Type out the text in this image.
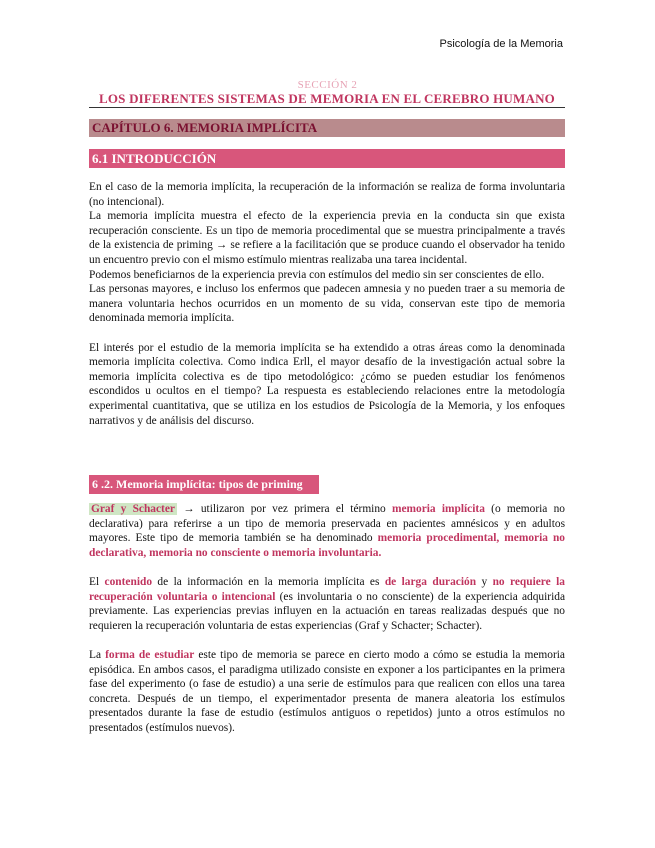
Psicología de la Memoria
SECCIÓN 2
LOS DIFERENTES SISTEMAS DE MEMORIA EN EL CEREBRO HUMANO
CAPÍTULO 6. MEMORIA IMPLÍCITA
6.1 INTRODUCCIÓN

En el caso de la memoria implícita, la recuperación de la información se realiza de forma involuntaria (no intencional).

La memoria implícita muestra el efecto de la experiencia previa en la conducta sin que exista recuperación consciente. Es un tipo de memoria procedimental que se muestra principalmente a través de la existencia de priming → se refiere a la facilitación que se produce cuando el observador ha tenido un encuentro previo con el mismo estímulo mientras realizaba una tarea incidental.

Podemos beneficiarnos de la experiencia previa con estímulos del medio sin ser conscientes de ello.

Las personas mayores, e incluso los enfermos que padecen amnesia y no pueden traer a su memoria de manera voluntaria hechos ocurridos en un momento de su vida, conservan este tipo de memoria denominada memoria implícita.

El interés por el estudio de la memoria implícita se ha extendido a otras áreas como la denominada memoria implícita colectiva. Como indica Erll, el mayor desafío de la investigación actual sobre la memoria implícita colectiva es de tipo metodológico: ¿cómo se pueden estudiar los fenómenos escondidos u ocultos en el tiempo? La respuesta es estableciendo relaciones entre la metodología experimental cuantitativa, que se utiliza en los estudios de Psicología de la Memoria, y los enfoques narrativos y de análisis del discurso.

6 .2. Memoria implícita: tipos de priming

Graf y Schacter → utilizaron por vez primera el término memoria implícita (o memoria no declarativa) para referirse a un tipo de memoria preservada en pacientes amnésicos y en adultos mayores. Este tipo de memoria también se ha denominado memoria procedimental, memoria no declarativa, memoria no consciente o memoria involuntaria.

El contenido de la información en la memoria implícita es de larga duración y no requiere la recuperación voluntaria o intencional (es involuntaria o no consciente) de la experiencia adquirida previamente. Las experiencias previas influyen en la actuación en tareas realizadas después que no requieren la recuperación voluntaria de estas experiencias (Graf y Schacter; Schacter).

La forma de estudiar este tipo de memoria se parece en cierto modo a cómo se estudia la memoria episódica. En ambos casos, el paradigma utilizado consiste en exponer a los participantes en la primera fase del experimento (o fase de estudio) a una serie de estímulos para que realicen con ellos una tarea concreta. Después de un tiempo, el experimentador presenta de manera aleatoria los estímulos presentados durante la fase de estudio (estímulos antiguos o repetidos) junto a otros estímulos no presentados (estímulos nuevos).
